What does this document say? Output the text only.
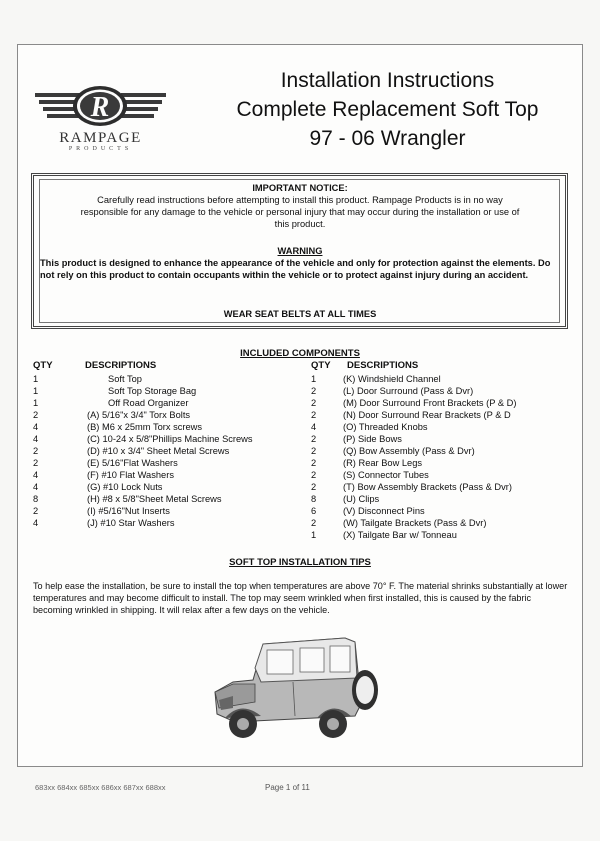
R
RAMPAGE
PRODUCTS
Installation Instructions
Complete Replacement Soft Top
97 - 06 Wrangler
IMPORTANT NOTICE:
Carefully read instructions before attempting to install this product. Rampage Products is in no way
responsible for any damage to the vehicle or personal injury that may occur during the installation or use of
this product.
WARNING
This product is designed to enhance the appearance of the vehicle and only for protection against the elements. Do not rely on this product to contain occupants within the vehicle or to protect against injury during an accident.
WEAR SEAT BELTS AT ALL TIMES
INCLUDED COMPONENTS
QTY	DESCRIPTIONS	QTY DESCRIPTIONS
1	Soft Top
1	Soft Top Storage Bag
1	Off Road Organizer
2	(A) 5/16"x 3/4" Torx Bolts
4	(B) M6 x 25mm Torx screws
4	(C) 10-24 x 5/8"Phillips Machine Screws
2	(D) #10 x 3/4" Sheet Metal Screws
2	(E) 5/16"Flat Washers
4	(F) #10 Flat Washers
4	(G) #10 Lock Nuts
8	(H) #8 x 5/8"Sheet Metal Screws
2	(I) #5/16"Nut Inserts
4	(J) #10 Star Washers
1	(K) Windshield Channel
2	(L) Door Surround (Pass & Dvr)
2	(M) Door Surround Front Brackets (P & D)
2	(N) Door Surround Rear Brackets (P & D
4	(O) Threaded Knobs
2	(P) Side Bows
2	(Q) Bow Assembly (Pass & Dvr)
2	(R) Rear Bow Legs
2	(S) Connector Tubes
2	(T) Bow Assembly Brackets (Pass & Dvr)
8	(U) Clips
6	(V) Disconnect Pins
2	(W) Tailgate Brackets (Pass & Dvr)
1	(X) Tailgate Bar w/ Tonneau
SOFT TOP INSTALLATION TIPS
To help ease the installation, be sure to install the top when temperatures are above 70° F. The material shrinks substantially at lower temperatures and may become difficult to install. The top may seem wrinkled when first installed, this is caused by the fabric becoming wrinkled in shipping. It will relax after a few days on the vehicle.
683xx 684xx 685xx 686xx 687xx 688xx	Page 1 of 11
